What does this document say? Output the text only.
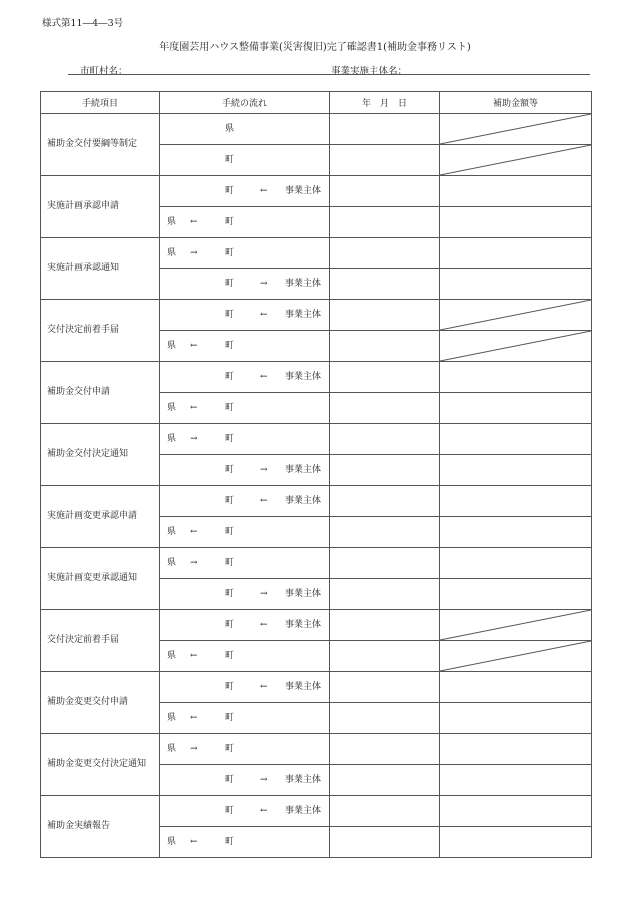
様式第11―4―3号
年度園芸用ハウス整備事業(災害復旧)完了確認書1(補助金事務リスト)
市町村名：	事業実施主体名：
手続項目	手続の流れ	年　月　日	補助金額等
補助金交付要綱等制定	県

	町

実施計画承認申請	町 ← 事業主体		

	県 ← 町		

実施計画承認通知	県 → 町		

	町 → 事業主体		

交付決定前着手届	町 ← 事業主体

	県 ← 町

補助金交付申請	町 ← 事業主体		

	県 ← 町		

補助金交付決定通知	県 → 町		

	町 → 事業主体		

実施計画変更承認申請	町 ← 事業主体		

	県 ← 町		

実施計画変更承認通知	県 → 町		

	町 → 事業主体		

交付決定前着手届	町 ← 事業主体

	県 ← 町

補助金変更交付申請	町 ← 事業主体		

	県 ← 町		

補助金変更交付決定通知	県 → 町		

	町 → 事業主体		

補助金実績報告	町 ← 事業主体		

	県 ← 町		
